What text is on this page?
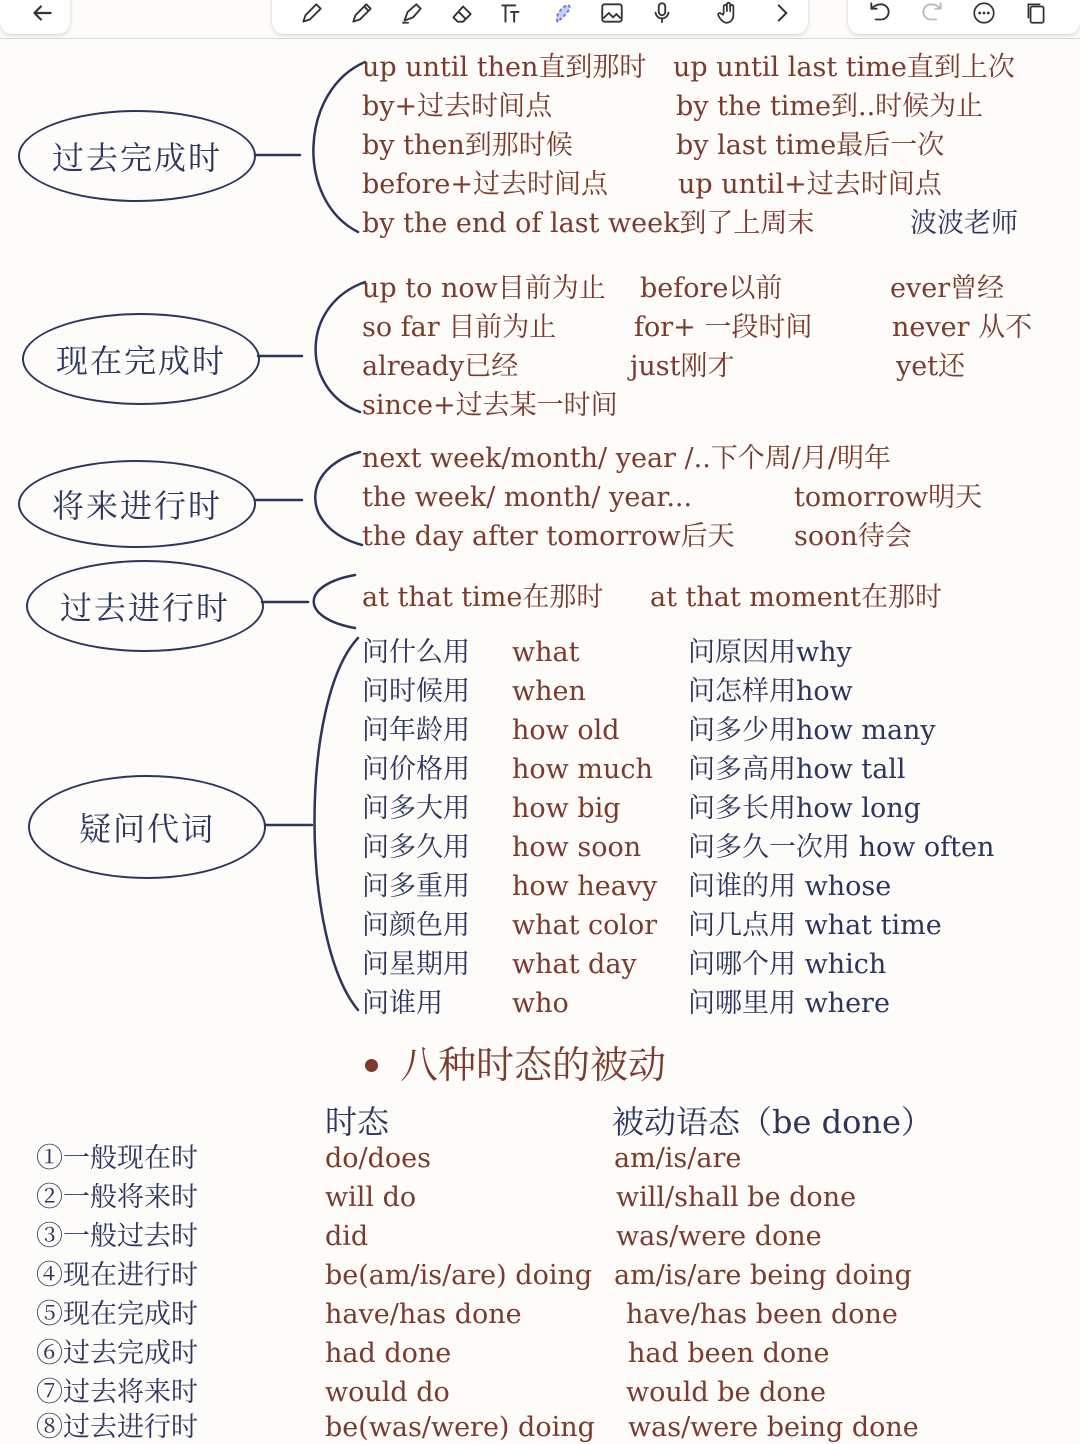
过去完成时
现在完成时
将来进行时
过去进行时
疑问代词
up until then直到那时 up until last time直到上次
by+过去时间点	by the time到..时候为止
by then到那时候	by last time最后一次
before+过去时间点	up until+过去时间点
by the end of last week到了上周末	波波老师
up to now目前为止 before以前	ever曾经
so far 目前为止	for+ 一段时间	never 从不
already已经	just刚才	yet还
since+过去某一时间
next week/month/ year /..下个周/月/明年
the week/ month/ year...	tomorrow明天
the day after tomorrow后天 soon待会
at that time在那时 at that moment在那时
问什么用 what	问原因用why
问时候用 when	问怎样用how
问年龄用 how old	问多少用how many
问价格用 how much 问多高用how tall
问多大用 how big 问多长用how long
问多久用 how soon 问多久一次用 how often
问多重用 how heavy 问谁的用 whose
问颜色用 what color 问几点用 what time
问星期用 what day 问哪个用 which
问谁用	who	问哪里用 where
八种时态的被动
时态	被动语态（be done）
①一般现在时	do/does	am/is/are
②一般将来时	will do	will/shall be done
③一般过去时	did	was/were done
④现在进行时	be(am/is/are) doing am/is/are being doing
⑤现在完成时	have/has done	have/has been done
⑥过去完成时	had done	had been done
⑦过去将来时	would do	would be done
⑧过去进行时	be(was/were) doing was/were being done
